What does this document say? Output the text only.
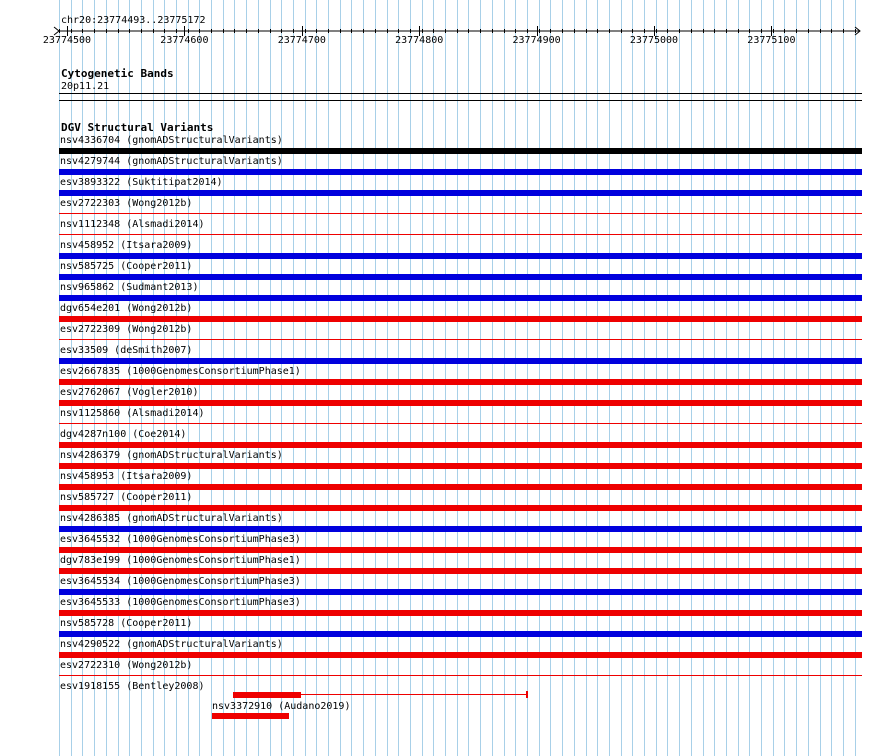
chr20:23774493..23775172
23774500	23774600	23774700	23774800	23774900	23775000	23775100
Cytogenetic Bands
20p11.21
DGV Structural Variants
nsv4336704 (gnomADStructuralVariants)
nsv4279744 (gnomADStructuralVariants)
esv3893322 (Suktitipat2014)
esv2722303 (Wong2012b)
nsv1112348 (Alsmadi2014)
nsv458952 (Itsara2009)
nsv585725 (Cooper2011)
nsv965862 (Sudmant2013)
dgv654e201 (Wong2012b)
esv2722309 (Wong2012b)
esv33509 (deSmith2007)
esv2667835 (1000GenomesConsortiumPhase1)
esv2762067 (Vogler2010)
nsv1125860 (Alsmadi2014)
dgv4287n100 (Coe2014)
nsv4286379 (gnomADStructuralVariants)
nsv458953 (Itsara2009)
nsv585727 (Cooper2011)
nsv4286385 (gnomADStructuralVariants)
esv3645532 (1000GenomesConsortiumPhase3)
dgv783e199 (1000GenomesConsortiumPhase1)
esv3645534 (1000GenomesConsortiumPhase3)
esv3645533 (1000GenomesConsortiumPhase3)
nsv585728 (Cooper2011)
nsv4290522 (gnomADStructuralVariants)
esv2722310 (Wong2012b)
esv1918155 (Bentley2008)
nsv3372910 (Audano2019)
